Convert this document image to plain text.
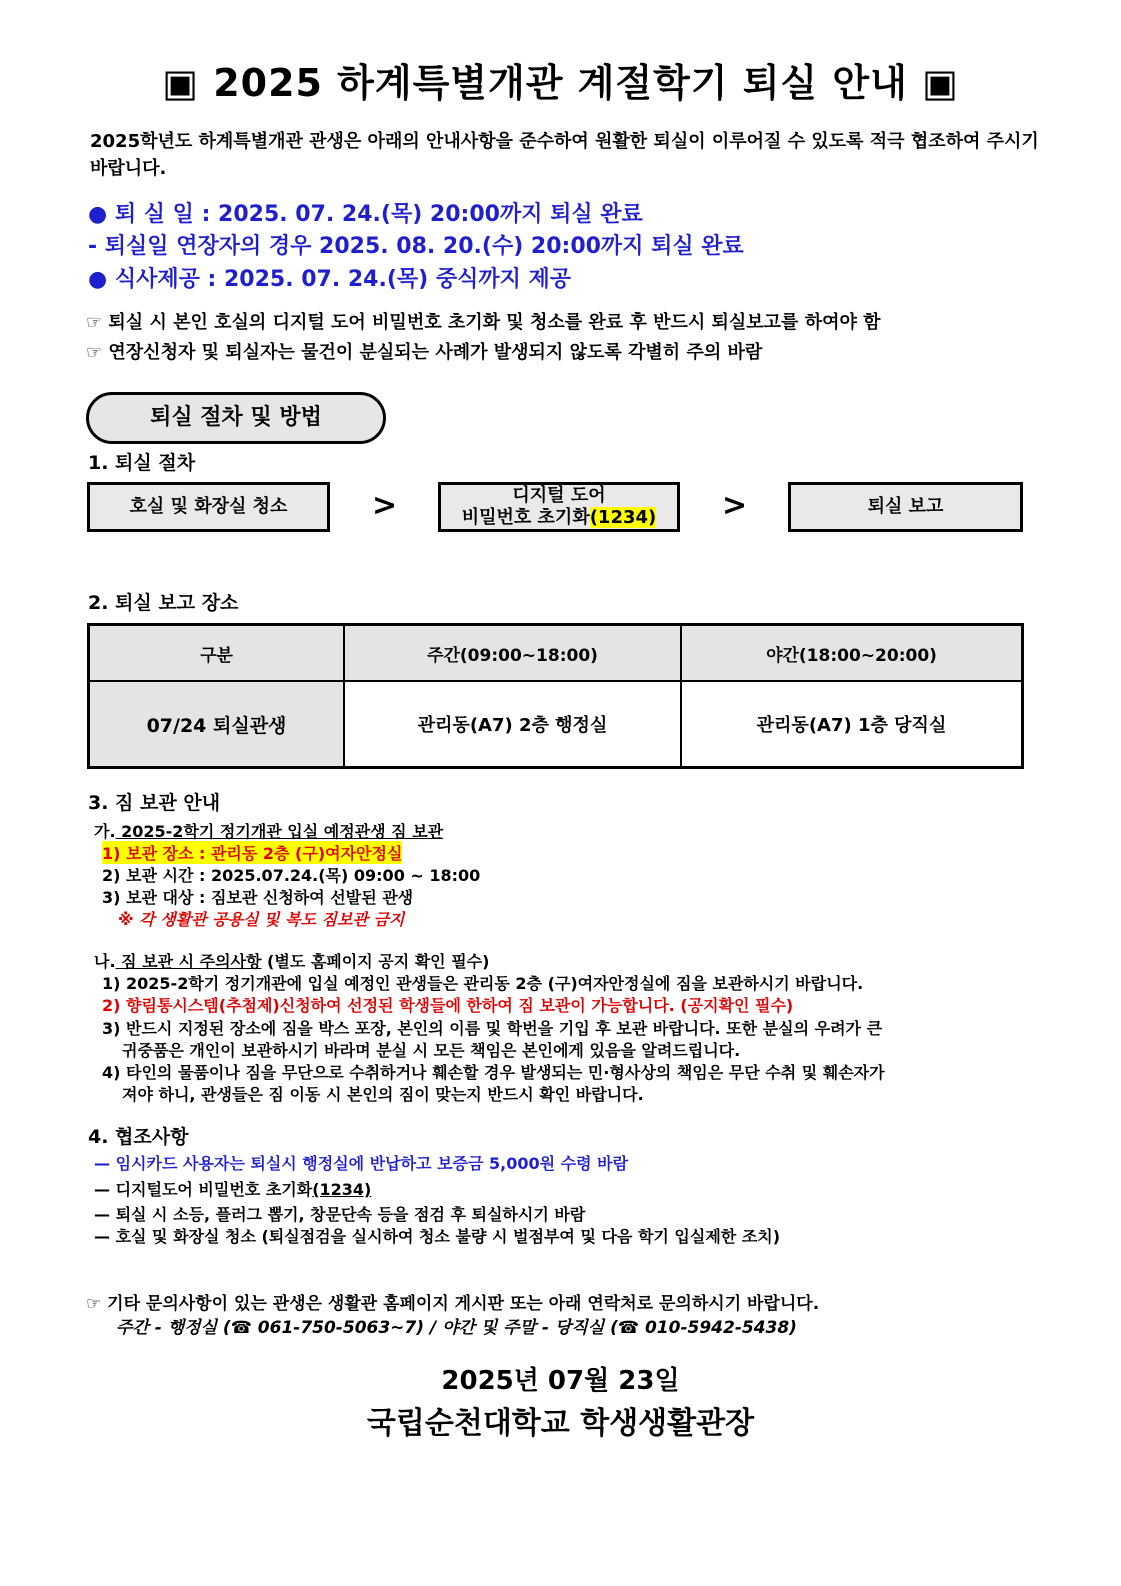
▣ 2025 하계특별개관 계절학기 퇴실 안내 ▣
2025학년도 하계특별개관 관생은 아래의 안내사항을 준수하여 원활한 퇴실이 이루어질 수 있도록 적극 협조하여 주시기 바랍니다.
● 퇴 실 일 : 2025. 07. 24.(목) 20:00까지 퇴실 완료
- 퇴실일 연장자의 경우 2025. 08. 20.(수) 20:00까지 퇴실 완료
● 식사제공 : 2025. 07. 24.(목) 중식까지 제공
☞ 퇴실 시 본인 호실의 디지털 도어 비밀번호 초기화 및 청소를 완료 후 반드시 퇴실보고를 하여야 함
☞ 연장신청자 및 퇴실자는 물건이 분실되는 사례가 발생되지 않도록 각별히 주의 바람
퇴실 절차 및 방법
1. 퇴실 절차
호실 및 화장실 청소	>	디지털 도어
비밀번호 초기화(1234) >	퇴실 보고
2. 퇴실 보고 장소
구분	주간(09:00~18:00)	야간(18:00~20:00)
07/24 퇴실관생	관리동(A7) 2층 행정실	관리동(A7) 1층 당직실
3. 짐 보관 안내
가. 2025-2학기 정기개관 입실 예정관생 짐 보관
1) 보관 장소 : 관리동 2층 (구)여자안정실
2) 보관 시간 : 2025.07.24.(목) 09:00 ~ 18:00
3) 보관 대상 : 짐보관 신청하여 선발된 관생
※ 각 생활관 공용실 및 복도 짐보관 금지
나. 짐 보관 시 주의사항 (별도 홈페이지 공지 확인 필수)
1) 2025-2학기 정기개관에 입실 예정인 관생들은 관리동 2층 (구)여자안정실에 짐을 보관하시기 바랍니다.
2) 향림통시스템(추첨제)신청하여 선정된 학생들에 한하여 짐 보관이 가능합니다. (공지확인 필수)
3) 반드시 지정된 장소에 짐을 박스 포장, 본인의 이름 및 학번을 기입 후 보관 바랍니다. 또한 분실의 우려가 큰
귀중품은 개인이 보관하시기 바라며 분실 시 모든 책임은 본인에게 있음을 알려드립니다.
4) 타인의 물품이나 짐을 무단으로 수취하거나 훼손할 경우 발생되는 민·형사상의 책임은 무단 수취 및 훼손자가
져야 하니, 관생들은 짐 이동 시 본인의 짐이 맞는지 반드시 확인 바랍니다.
4. 협조사항
— 임시카드 사용자는 퇴실시 행정실에 반납하고 보증금 5,000원 수령 바람
— 디지털도어 비밀번호 초기화(1234)
— 퇴실 시 소등, 플러그 뽑기, 창문단속 등을 점검 후 퇴실하시기 바람
— 호실 및 화장실 청소 (퇴실점검을 실시하여 청소 불량 시 벌점부여 및 다음 학기 입실제한 조치)
☞ 기타 문의사항이 있는 관생은 생활관 홈페이지 게시판 또는 아래 연락처로 문의하시기 바랍니다.
주간 - 행정실 (☎ 061-750-5063~7) / 야간 및 주말 - 당직실 (☎ 010-5942-5438)
2025년 07월 23일
국립순천대학교 학생생활관장
